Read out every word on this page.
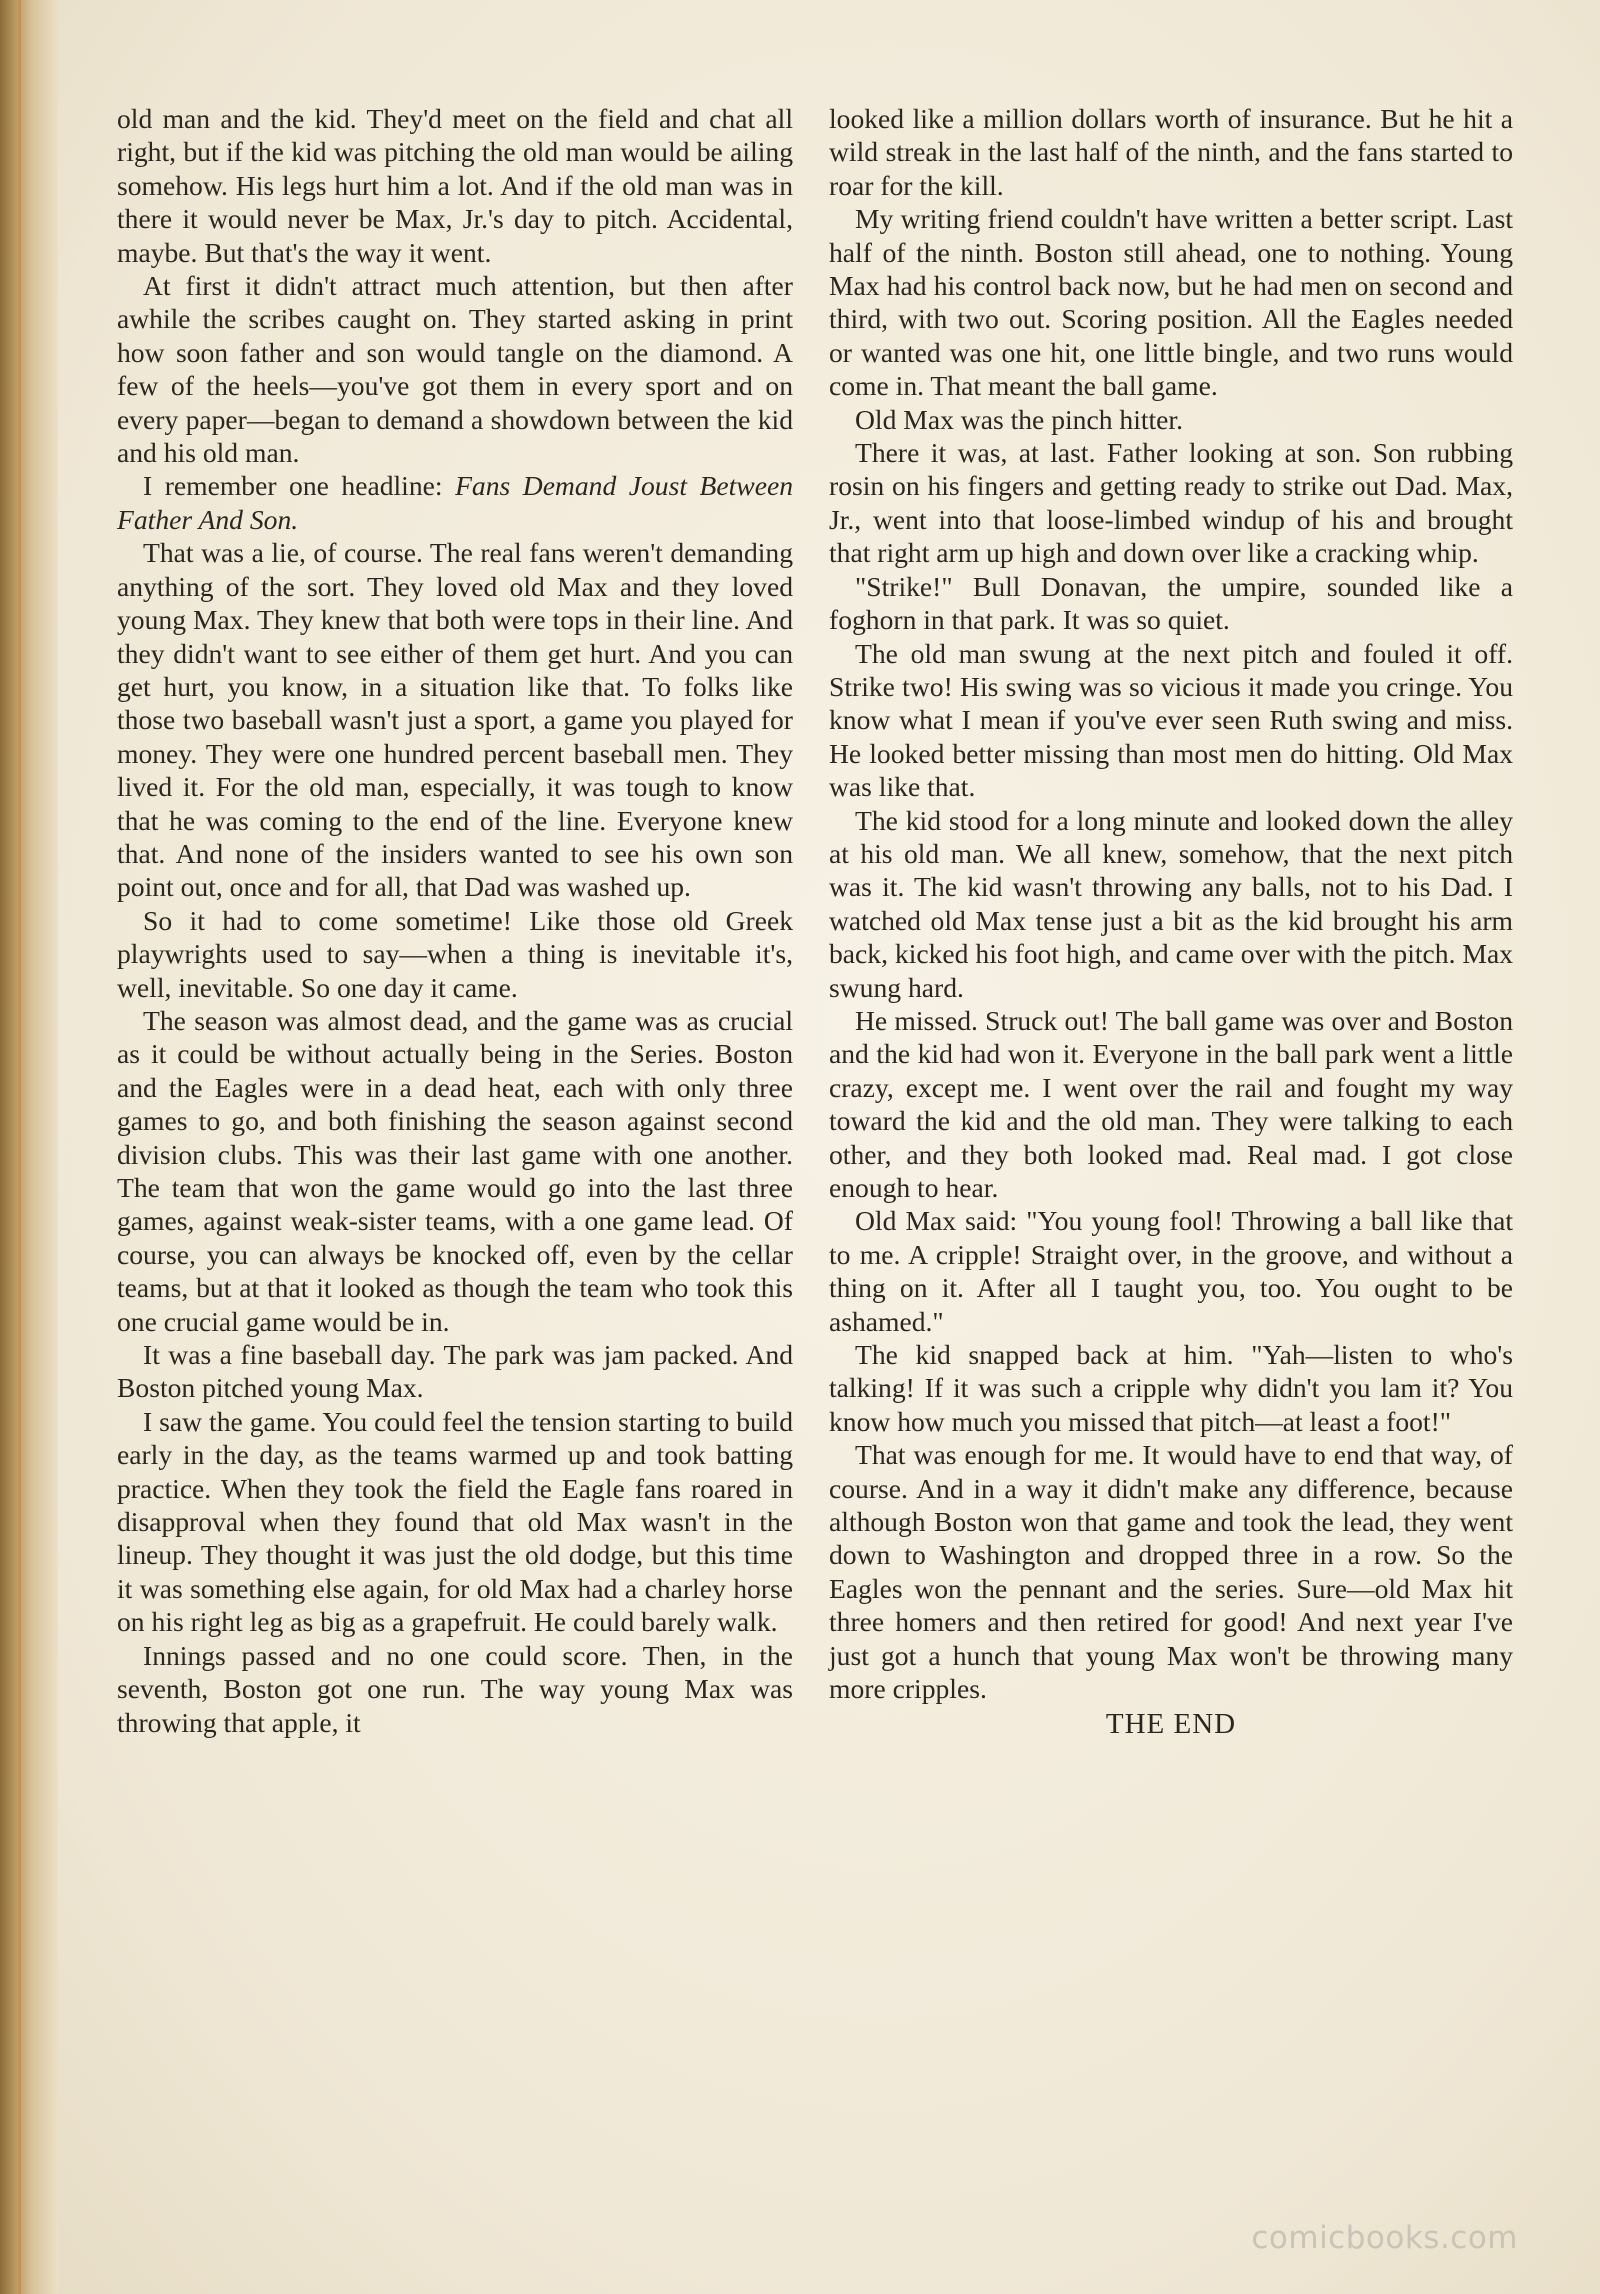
old man and the kid. They'd meet on the field and chat all right, but if the kid was pitching the old man would be ailing somehow. His legs hurt him a lot. And if the old man was in there it would never be Max, Jr.'s day to pitch. Accidental, maybe. But that's the way it went.

At first it didn't attract much attention, but then after awhile the scribes caught on. They started asking in print how soon father and son would tangle on the diamond. A few of the heels—you've got them in every sport and on every paper—began to demand a showdown between the kid and his old man.

I remember one headline: Fans Demand Joust Between Father And Son.

That was a lie, of course. The real fans weren't demanding anything of the sort. They loved old Max and they loved young Max. They knew that both were tops in their line. And they didn't want to see either of them get hurt. And you can get hurt, you know, in a situation like that. To folks like those two baseball wasn't just a sport, a game you played for money. They were one hundred percent baseball men. They lived it. For the old man, especially, it was tough to know that he was coming to the end of the line. Everyone knew that. And none of the insiders wanted to see his own son point out, once and for all, that Dad was washed up.

So it had to come sometime! Like those old Greek playwrights used to say—when a thing is inevitable it's, well, inevitable. So one day it came.

The season was almost dead, and the game was as crucial as it could be without actually being in the Series. Boston and the Eagles were in a dead heat, each with only three games to go, and both finishing the season against second division clubs. This was their last game with one another. The team that won the game would go into the last three games, against weak-sister teams, with a one game lead. Of course, you can always be knocked off, even by the cellar teams, but at that it looked as though the team who took this one crucial game would be in.

It was a fine baseball day. The park was jam packed. And Boston pitched young Max.

I saw the game. You could feel the tension starting to build early in the day, as the teams warmed up and took batting practice. When they took the field the Eagle fans roared in disapproval when they found that old Max wasn't in the lineup. They thought it was just the old dodge, but this time it was something else again, for old Max had a charley horse on his right leg as big as a grapefruit. He could barely walk.

Innings passed and no one could score. Then, in the seventh, Boston got one run. The way young Max was throwing that apple, it

looked like a million dollars worth of insurance. But he hit a wild streak in the last half of the ninth, and the fans started to roar for the kill.

My writing friend couldn't have written a better script. Last half of the ninth. Boston still ahead, one to nothing. Young Max had his control back now, but he had men on second and third, with two out. Scoring position. All the Eagles needed or wanted was one hit, one little bingle, and two runs would come in. That meant the ball game.

Old Max was the pinch hitter.

There it was, at last. Father looking at son. Son rubbing rosin on his fingers and getting ready to strike out Dad. Max, Jr., went into that loose-limbed windup of his and brought that right arm up high and down over like a cracking whip.

"Strike!" Bull Donavan, the umpire, sounded like a foghorn in that park. It was so quiet.

The old man swung at the next pitch and fouled it off. Strike two! His swing was so vicious it made you cringe. You know what I mean if you've ever seen Ruth swing and miss. He looked better missing than most men do hitting. Old Max was like that.

The kid stood for a long minute and looked down the alley at his old man. We all knew, somehow, that the next pitch was it. The kid wasn't throwing any balls, not to his Dad. I watched old Max tense just a bit as the kid brought his arm back, kicked his foot high, and came over with the pitch. Max swung hard.

He missed. Struck out! The ball game was over and Boston and the kid had won it. Everyone in the ball park went a little crazy, except me. I went over the rail and fought my way toward the kid and the old man. They were talking to each other, and they both looked mad. Real mad. I got close enough to hear.

Old Max said: "You young fool! Throwing a ball like that to me. A cripple! Straight over, in the groove, and without a thing on it. After all I taught you, too. You ought to be ashamed."

The kid snapped back at him. "Yah—listen to who's talking! If it was such a cripple why didn't you lam it? You know how much you missed that pitch—at least a foot!"

That was enough for me. It would have to end that way, of course. And in a way it didn't make any difference, because although Boston won that game and took the lead, they went down to Washington and dropped three in a row. So the Eagles won the pennant and the series. Sure—old Max hit three homers and then retired for good! And next year I've just got a hunch that young Max won't be throwing many more cripples.

THE END

comicbooks.com
